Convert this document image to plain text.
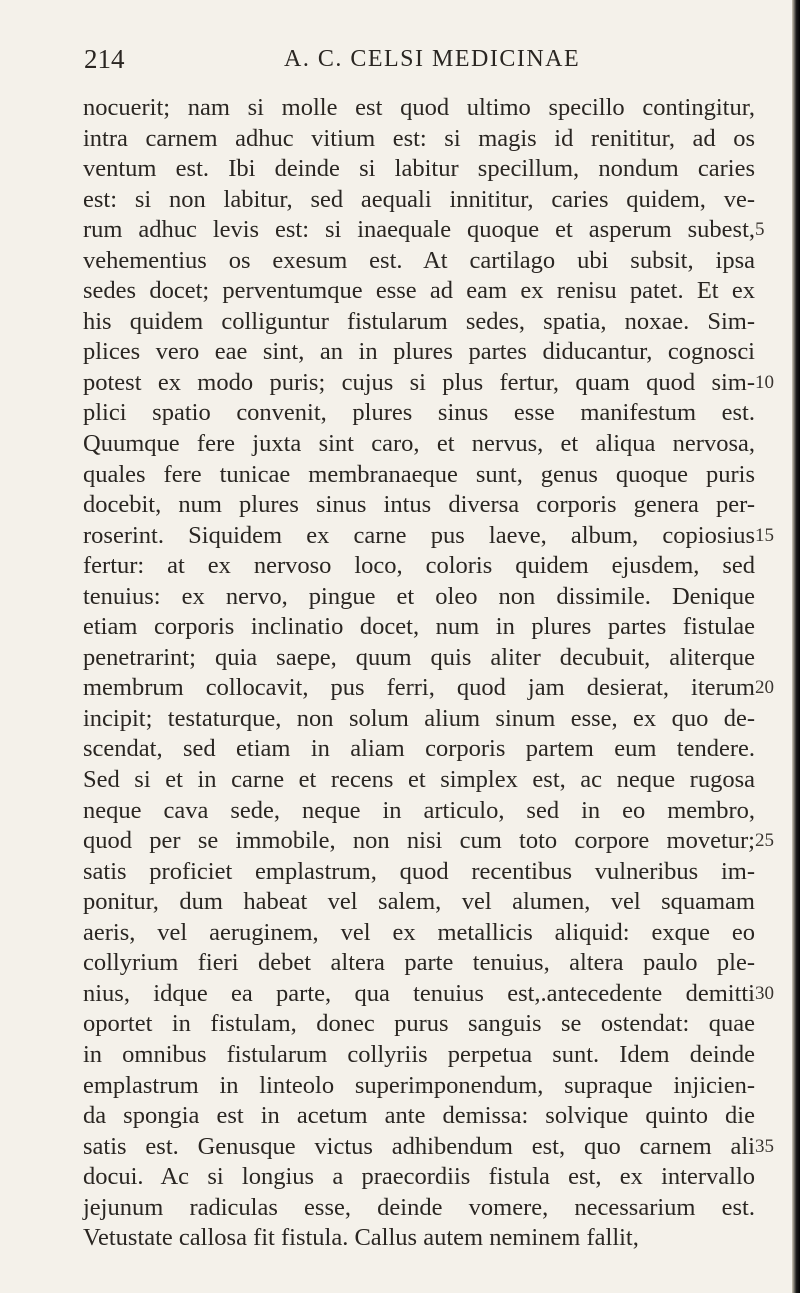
214	A. C. CELSI MEDICINAE
nocuerit; nam si molle est quod ultimo specillo contingitur,
intra carnem adhuc vitium est: si magis id renititur, ad os
ventum est. Ibi deinde si labitur specillum, nondum caries
est: si non labitur, sed aequali innititur, caries quidem, ve-
rum adhuc levis est: si inaequale quoque et asperum subest, 5
vehementius os exesum est. At cartilago ubi subsit, ipsa
sedes docet; perventumque esse ad eam ex renisu patet. Et ex
his quidem colliguntur fistularum sedes, spatia, noxae. Sim-
plices vero eae sint, an in plures partes diducantur, cognosci
potest ex modo puris; cujus si plus fertur, quam quod sim- 10
plici spatio convenit, plures sinus esse manifestum est.
Quumque fere juxta sint caro, et nervus, et aliqua nervosa,
quales fere tunicae membranaeque sunt, genus quoque puris
docebit, num plures sinus intus diversa corporis genera per-
roserint. Siquidem ex carne pus laeve, album, copiosius 15
fertur: at ex nervoso loco, coloris quidem ejusdem, sed
tenuius: ex nervo, pingue et oleo non dissimile. Denique
etiam corporis inclinatio docet, num in plures partes fistulae
penetrarint; quia saepe, quum quis aliter decubuit, aliterque
membrum collocavit, pus ferri, quod jam desierat, iterum 20
incipit; testaturque, non solum alium sinum esse, ex quo de-
scendat, sed etiam in aliam corporis partem eum tendere.
Sed si et in carne et recens et simplex est, ac neque rugosa
neque cava sede, neque in articulo, sed in eo membro,
quod per se immobile, non nisi cum toto corpore movetur; 25
satis proficiet emplastrum, quod recentibus vulneribus im-
ponitur, dum habeat vel salem, vel alumen, vel squamam
aeris, vel aeruginem, vel ex metallicis aliquid: exque eo
collyrium fieri debet altera parte tenuius, altera paulo ple-
nius, idque ea parte, qua tenuius est,.antecedente demitti 30
oportet in fistulam, donec purus sanguis se ostendat: quae
in omnibus fistularum collyriis perpetua sunt. Idem deinde
emplastrum in linteolo superimponendum, supraque injicien-
da spongia est in acetum ante demissa: solvique quinto die
satis est. Genusque victus adhibendum est, quo carnem ali 35
docui. Ac si longius a praecordiis fistula est, ex intervallo
jejunum radiculas esse, deinde vomere, necessarium est.
Vetustate callosa fit fistula. Callus autem neminem fallit,
